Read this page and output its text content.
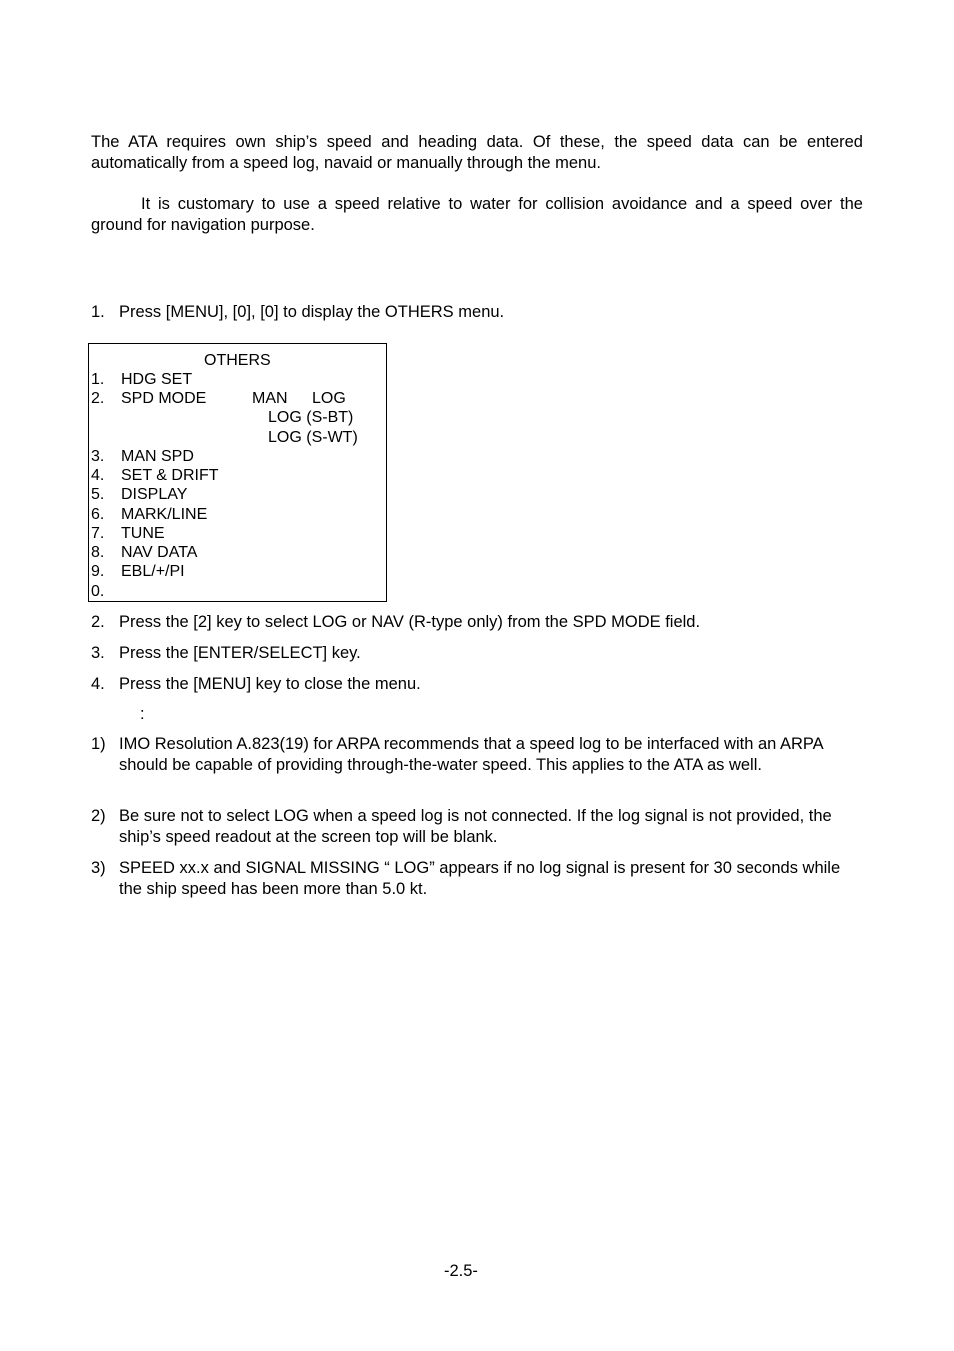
The ATA requires own ship’s speed and heading data. Of these, the speed data can be entered automatically from a speed log, navaid or manually through the menu.

It is customary to use a speed relative to water for collision avoidance and a speed over the ground for navigation purpose.

1. Press [MENU], [0], [0] to display the OTHERS menu.
OTHERS
1. HDG SET
2. SPD MODE	MAN LOG
LOG (S-BT)
LOG (S-WT)
3. MAN SPD
4. SET & DRIFT
5. DISPLAY
6. MARK/LINE
7. TUNE
8. NAV DATA
9. EBL/+/PI
0.
2. Press the [2] key to select LOG or NAV (R-type only) from the SPD MODE field.
3. Press the [ENTER/SELECT] key.
4. Press the [MENU] key to close the menu.
:
1) IMO Resolution A.823(19) for ARPA recommends that a speed log to be interfaced with an ARPA should be capable of providing through-the-water speed. This applies to the ATA as well.
2) Be sure not to select LOG when a speed log is not connected. If the log signal is not provided, the ship’s speed readout at the screen top will be blank.
3) SPEED xx.x and SIGNAL MISSING “ LOG” appears if no log signal is present for 30 seconds while the ship speed has been more than 5.0 kt.
-2.5-
